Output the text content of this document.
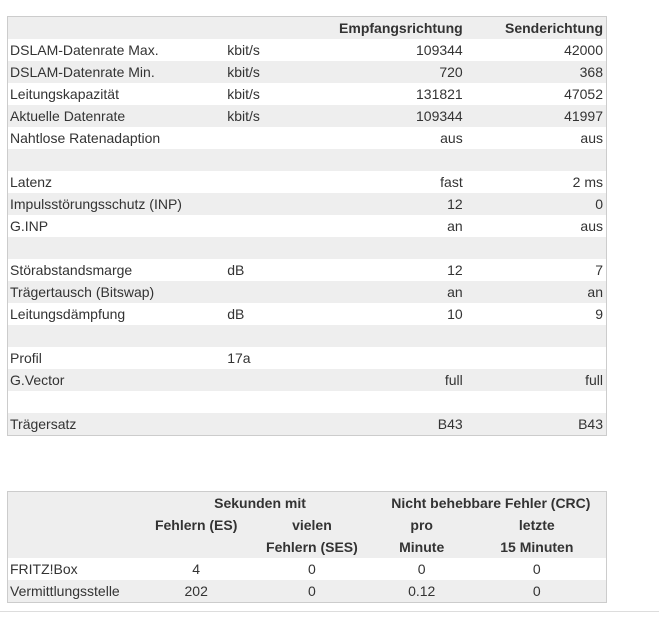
		Empfangsrichtung	Senderichtung
DSLAM-Datenrate Max.	kbit/s	109344	42000
DSLAM-Datenrate Min.	kbit/s	720	368
Leitungskapazität	kbit/s	131821	47052
Aktuelle Datenrate	kbit/s	109344	41997
Nahtlose Ratenadaption		aus	aus

Latenz		fast	2 ms
Impulsstörungsschutz (INP)		12	0
G.INP		an	aus

Störabstandsmarge	dB	12	7
Trägertausch (Bitswap)		an	an
Leitungsdämpfung	dB	10	9

Profil	17a		
G.Vector		full	full

Trägersatz		B43	B43
	Sekunden mit		Nicht behebbare Fehler (CRC)	
	Fehlern (ES)	vielen	pro	letzte
		Fehlern (SES)	Minute	15 Minuten
FRITZ!Box	4	0	0	0
Vermittlungsstelle	202	0	0.12	0
